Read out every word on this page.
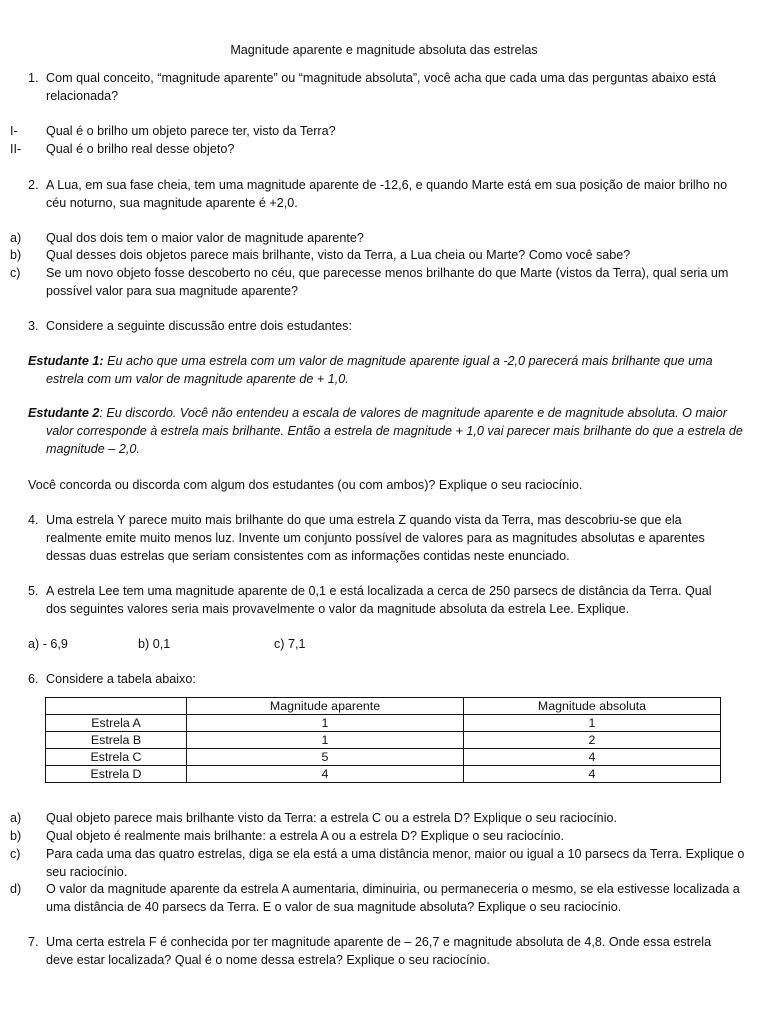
Magnitude aparente e magnitude absoluta das estrelas
1. Com qual conceito, “magnitude aparente” ou “magnitude absoluta”, você acha que cada uma das perguntas abaixo está relacionada?
I- Qual é o brilho um objeto parece ter, visto da Terra?
II- Qual é o brilho real desse objeto?
2. A Lua, em sua fase cheia, tem uma magnitude aparente de -12,6, e quando Marte está em sua posição de maior brilho no céu noturno, sua magnitude aparente é +2,0.
a) Qual dos dois tem o maior valor de magnitude aparente?
b) Qual desses dois objetos parece mais brilhante, visto da Terra, a Lua cheia ou Marte? Como você sabe?
c) Se um novo objeto fosse descoberto no céu, que parecesse menos brilhante do que Marte (vistos da Terra), qual seria um possível valor para sua magnitude aparente?
3. Considere a seguinte discussão entre dois estudantes:
Estudante 1: Eu acho que uma estrela com um valor de magnitude aparente igual a -2,0 parecerá mais brilhante que uma estrela com um valor de magnitude aparente de + 1,0.
Estudante 2: Eu discordo. Você não entendeu a escala de valores de magnitude aparente e de magnitude absoluta. O maior valor corresponde à estrela mais brilhante. Então a estrela de magnitude + 1,0 vai parecer mais brilhante do que a estrela de magnitude – 2,0.
Você concorda ou discorda com algum dos estudantes (ou com ambos)? Explique o seu raciocínio.
4. Uma estrela Y parece muito mais brilhante do que uma estrela Z quando vista da Terra, mas descobriu-se que ela realmente emite muito menos luz. Invente um conjunto possível de valores para as magnitudes absolutas e aparentes dessas duas estrelas que seriam consistentes com as informações contidas neste enunciado.
5. A estrela Lee tem uma magnitude aparente de 0,1 e está localizada a cerca de 250 parsecs de distância da Terra. Qual dos seguintes valores seria mais provavelmente o valor da magnitude absoluta da estrela Lee. Explique.
a) - 6,9	b) 0,1	c) 7,1
6. Considere a tabela abaixo:
	Magnitude aparente	Magnitude absoluta
Estrela A	1	1
Estrela B	1	2
Estrela C	5	4
Estrela D	4	4
a) Qual objeto parece mais brilhante visto da Terra: a estrela C ou a estrela D? Explique o seu raciocínio.
b) Qual objeto é realmente mais brilhante: a estrela A ou a estrela D? Explique o seu raciocínio.
c) Para cada uma das quatro estrelas, diga se ela está a uma distância menor, maior ou igual a 10 parsecs da Terra. Explique o seu raciocínio.
d) O valor da magnitude aparente da estrela A aumentaria, diminuiria, ou permaneceria o mesmo, se ela estivesse localizada a uma distância de 40 parsecs da Terra. E o valor de sua magnitude absoluta? Explique o seu raciocínio.
7. Uma certa estrela F é conhecida por ter magnitude aparente de – 26,7 e magnitude absoluta de 4,8. Onde essa estrela deve estar localizada? Qual é o nome dessa estrela? Explique o seu raciocínio.
